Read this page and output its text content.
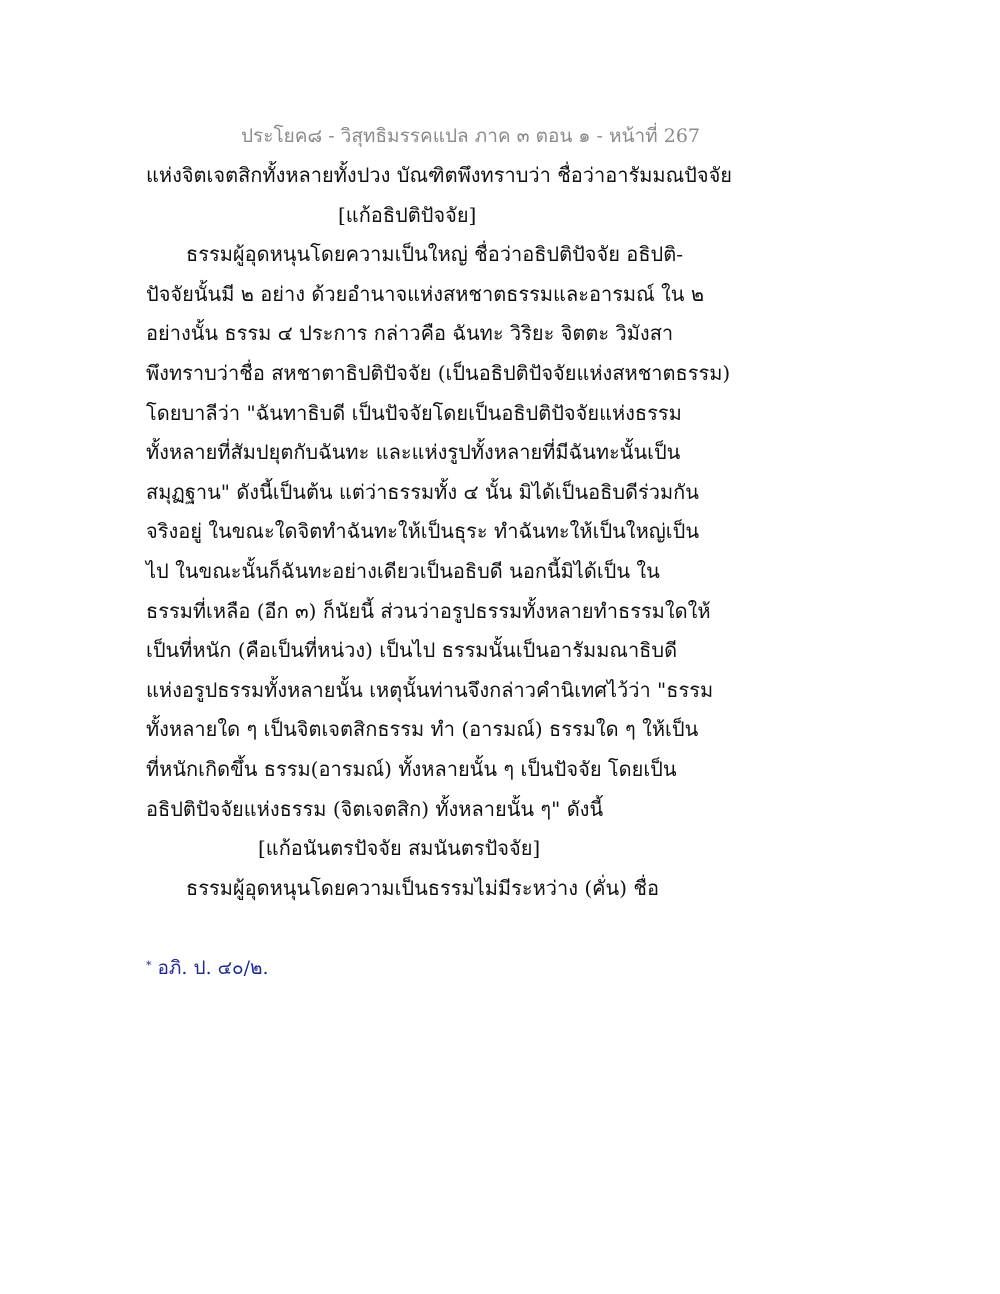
ประโยค๘ - วิสุทธิมรรคแปล ภาค ๓ ตอน ๑ - หน้าที่ 267
แห่งจิตเจตสิกทั้งหลายทั้งปวง บัณฑิตพึงทราบว่า ชื่อว่าอารัมมณปัจจัย
[แก้อธิปติปัจจัย]
ธรรมผู้อุดหนุนโดยความเป็นใหญ่ ชื่อว่าอธิปติปัจจัย อธิปติ-
ปัจจัยนั้นมี ๒ อย่าง ด้วยอำนาจแห่งสหชาตธรรมและอารมณ์ ใน ๒
อย่างนั้น ธรรม ๔ ประการ กล่าวคือ ฉันทะ วิริยะ จิตตะ วิมังสา
พึงทราบว่าชื่อ สหชาตาธิปติปัจจัย (เป็นอธิปติปัจจัยแห่งสหชาตธรรม)
โดยบาลีว่า "ฉันทาธิบดี เป็นปัจจัยโดยเป็นอธิปติปัจจัยแห่งธรรม
ทั้งหลายที่สัมปยุตกับฉันทะ และแห่งรูปทั้งหลายที่มีฉันทะนั้นเป็น
สมุฏฐาน" ดังนี้เป็นต้น แต่ว่าธรรมทั้ง ๔ นั้น มิได้เป็นอธิบดีร่วมกัน
จริงอยู่ ในขณะใดจิตทำฉันทะให้เป็นธุระ ทำฉันทะให้เป็นใหญ่เป็น
ไป ในขณะนั้นก็ฉันทะอย่างเดียวเป็นอธิบดี นอกนี้มิได้เป็น ใน
ธรรมที่เหลือ (อีก ๓) ก็นัยนี้ ส่วนว่าอรูปธรรมทั้งหลายทำธรรมใดให้
เป็นที่หนัก (คือเป็นที่หน่วง) เป็นไป ธรรมนั้นเป็นอารัมมณาธิบดี
แห่งอรูปธรรมทั้งหลายนั้น เหตุนั้นท่านจึงกล่าวคำนิเทศไว้ว่า "ธรรม
ทั้งหลายใด ๆ เป็นจิตเจตสิกธรรม ทำ (อารมณ์) ธรรมใด ๆ ให้เป็น
ที่หนักเกิดขึ้น ธรรม(อารมณ์) ทั้งหลายนั้น ๆ เป็นปัจจัย โดยเป็น
อธิปติปัจจัยแห่งธรรม (จิตเจตสิก) ทั้งหลายนั้น ๆ" ดังนี้
[แก้อนันตรปัจจัย สมนันตรปัจจัย]
ธรรมผู้อุดหนุนโดยความเป็นธรรมไม่มีระหว่าง (คั่น) ชื่อ
* อภิ. ป. ๔๐/๒.
